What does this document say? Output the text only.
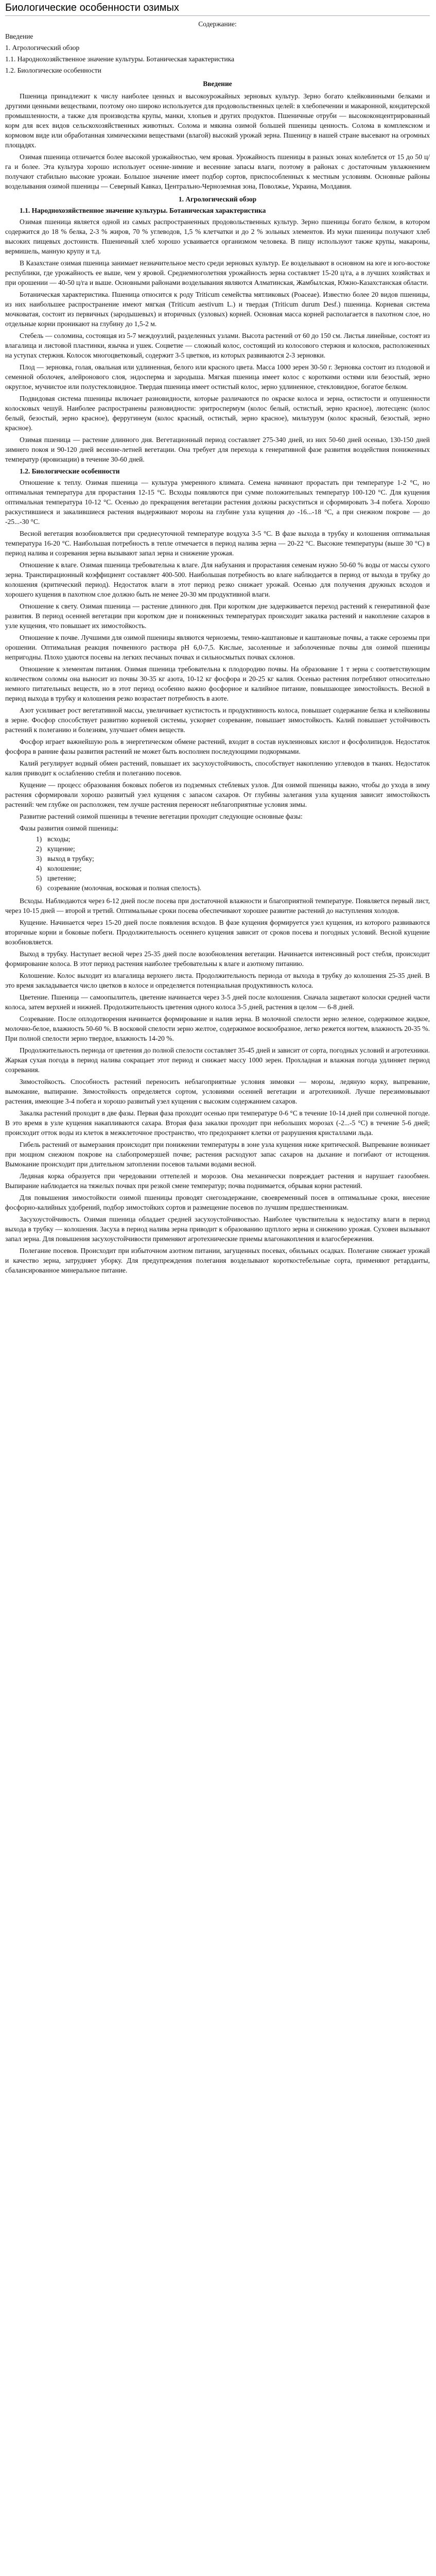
Биологические особенности озимых
Содержание:
Введение
1. Агрологический обзор
1.1. Народнохозяйственное значение культуры. Ботаническая характеристика
1.2. Биологические особенности
Введение

Пшеница принадлежит к числу наиболее ценных и высокоурожайных зерновых культур. Зерно богато клейковинными белками и другими ценными веществами, поэтому оно широко используется для продовольственных целей: в хлебопечении и макаронной, кондитерской промышленности, а также для производства крупы, манки, хлопьев и других продуктов. Пшеничные отруби — высококонцентрированный корм для всех видов сельскохозяйственных животных. Солома и мякина озимой большей пшеницы ценность. Солома в комплексном и кормовом виде или обработанная химическими веществами (влагой) высокий урожай зерна. Пшеницу в нашей стране высевают на огромных площадях.

Озимая пшеница отличается более высокой урожайностью, чем яровая. Урожайность пшеницы в разных зонах колеблется от 15 до 50 ц/га и более. Эта культура хорошо использует осенне-зимние и весенние запасы влаги, поэтому в районах с достаточным увлажнением получают стабильно высокие урожаи. Большое значение имеет подбор сортов, приспособленных к местным условиям. Основные районы возделывания озимой пшеницы — Северный Кавказ, Центрально-Черноземная зона, Поволжье, Украина, Молдавия.

1. Агрологический обзор
1.1. Народнохозяйственное значение культуры. Ботаническая характеристика

Озимая пшеница является одной из самых распространенных продовольственных культур. Зерно пшеницы богато белком, в котором содержится до 18 % белка, 2-3 % жиров, 70 % углеводов, 1,5 % клетчатки и до 2 % зольных элементов. Из муки пшеницы получают хлеб высоких пищевых достоинств. Пшеничный хлеб хорошо усваивается организмом человека. В пищу используют также крупы, макароны, вермишель, манную крупу и т.д.

В Казахстане озимая пшеница занимает незначительное место среди зерновых культур. Ее возделывают в основном на юге и юго-востоке республики, где урожайность ее выше, чем у яровой. Среднемноголетняя урожайность зерна составляет 15-20 ц/га, а в лучших хозяйствах и при орошении — 40-50 ц/га и выше. Основными районами возделывания являются Алматинская, Жамбылская, Южно-Казахстанская области.

Ботаническая характеристика. Пшеница относится к роду Triticum семейства мятликовых (Poaceae). Известно более 20 видов пшеницы, из них наибольшее распространение имеют мягкая (Triticum aestivum L.) и твердая (Triticum durum Desf.) пшеница. Корневая система мочковатая, состоит из первичных (зародышевых) и вторичных (узловых) корней. Основная масса корней располагается в пахотном слое, но отдельные корни проникают на глубину до 1,5-2 м.

Стебель — соломина, состоящая из 5-7 междоузлий, разделенных узлами. Высота растений от 60 до 150 см. Листья линейные, состоят из влагалища и листовой пластинки, язычка и ушек. Соцветие — сложный колос, состоящий из колосового стержня и колосков, расположенных на уступах стержня. Колосок многоцветковый, содержит 3-5 цветков, из которых развиваются 2-3 зерновки.

Плод — зерновка, голая, овальная или удлиненная, белого или красного цвета. Масса 1000 зерен 30-50 г. Зерновка состоит из плодовой и семенной оболочек, алейронового слоя, эндосперма и зародыша. Мягкая пшеница имеет колос с короткими остями или безостый, зерно округлое, мучнистое или полустекловидное. Твердая пшеница имеет остистый колос, зерно удлиненное, стекловидное, богатое белком.

Подвидовая система пшеницы включает разновидности, которые различаются по окраске колоса и зерна, остистости и опушенности колосковых чешуй. Наиболее распространены разновидности: эритроспермум (колос белый, остистый, зерно красное), лютесценс (колос белый, безостый, зерно красное), ферругинеум (колос красный, остистый, зерно красное), мильтурум (колос красный, безостый, зерно красное).

Озимая пшеница — растение длинного дня. Вегетационный период составляет 275-340 дней, из них 50-60 дней осенью, 130-150 дней зимнего покоя и 90-120 дней весенне-летней вегетации. Она требует для перехода к генеративной фазе развития воздействия пониженных температур (яровизации) в течение 30-60 дней.

1.2. Биологические особенности

Отношение к теплу. Озимая пшеница — культура умеренного климата. Семена начинают прорастать при температуре 1-2 °С, но оптимальная температура для прорастания 12-15 °С. Всходы появляются при сумме положительных температур 100-120 °С. Для кущения оптимальная температура 10-12 °С. Осенью до прекращения вегетации растения должны раскуститься и сформировать 3-4 побега. Хорошо раскустившиеся и закалившиеся растения выдерживают морозы на глубине узла кущения до -16...-18 °С, а при снежном покрове — до -25...-30 °С.

Весной вегетация возобновляется при среднесуточной температуре воздуха 3-5 °С. В фазе выхода в трубку и колошения оптимальная температура 16-20 °С. Наибольшая потребность в тепле отмечается в период налива зерна — 20-22 °С. Высокие температуры (выше 30 °С) в период налива и созревания зерна вызывают запал зерна и снижение урожая.

Отношение к влаге. Озимая пшеница требовательна к влаге. Для набухания и прорастания семенам нужно 50-60 % воды от массы сухого зерна. Транспирационный коэффициент составляет 400-500. Наибольшая потребность во влаге наблюдается в период от выхода в трубку до колошения (критический период). Недостаток влаги в этот период резко снижает урожай. Осенью для получения дружных всходов и хорошего кущения в пахотном слое должно быть не менее 20-30 мм продуктивной влаги.

Отношение к свету. Озимая пшеница — растение длинного дня. При коротком дне задерживается переход растений к генеративной фазе развития. В период осенней вегетации при коротком дне и пониженных температурах происходит закалка растений и накопление сахаров в узле кущения, что повышает их зимостойкость.

Отношение к почве. Лучшими для озимой пшеницы являются черноземы, темно-каштановые и каштановые почвы, а также сероземы при орошении. Оптимальная реакция почвенного раствора pH 6,0-7,5. Кислые, засоленные и заболоченные почвы для озимой пшеницы непригодны. Плохо удаются посевы на легких песчаных почвах и сильносмытых почвах склонов.

Отношение к элементам питания. Озимая пшеница требовательна к плодородию почвы. На образование 1 т зерна с соответствующим количеством соломы она выносит из почвы 30-35 кг азота, 10-12 кг фосфора и 20-25 кг калия. Осенью растения потребляют относительно немного питательных веществ, но в этот период особенно важно фосфорное и калийное питание, повышающее зимостойкость. Весной в период выхода в трубку и колошения резко возрастает потребность в азоте.

Азот усиливает рост вегетативной массы, увеличивает кустистость и продуктивность колоса, повышает содержание белка и клейковины в зерне. Фосфор способствует развитию корневой системы, ускоряет созревание, повышает зимостойкость. Калий повышает устойчивость растений к полеганию и болезням, улучшает обмен веществ.

Фосфор играет важнейшую роль в энергетическом обмене растений, входит в состав нуклеиновых кислот и фосфолипидов. Недостаток фосфора в ранние фазы развития растений не может быть восполнен последующими подкормками.

Калий регулирует водный обмен растений, повышает их засухоустойчивость, способствует накоплению углеводов в тканях. Недостаток калия приводит к ослаблению стебля и полеганию посевов.

Кущение — процесс образования боковых побегов из подземных стеблевых узлов. Для озимой пшеницы важно, чтобы до ухода в зиму растения сформировали хорошо развитый узел кущения с запасом сахаров. От глубины залегания узла кущения зависит зимостойкость растений: чем глубже он расположен, тем лучше растения переносят неблагоприятные условия зимы.

Развитие растений озимой пшеницы в течение вегетации проходит следующие основные фазы:

Фазы развития озимой пшеницы:
1) всходы;
2) кущение;
3) выход в трубку;
4) колошение;
5) цветение;
6) созревание (молочная, восковая и полная спелость).

Всходы. Наблюдаются через 6-12 дней после посева при достаточной влажности и благоприятной температуре. Появляется первый лист, через 10-15 дней — второй и третий. Оптимальные сроки посева обеспечивают хорошее развитие растений до наступления холодов.

Кущение. Начинается через 15-20 дней после появления всходов. В фазе кущения формируется узел кущения, из которого развиваются вторичные корни и боковые побеги. Продолжительность осеннего кущения зависит от сроков посева и погодных условий. Весной кущение возобновляется.

Выход в трубку. Наступает весной через 25-35 дней после возобновления вегетации. Начинается интенсивный рост стебля, происходит формирование колоса. В этот период растения наиболее требовательны к влаге и азотному питанию.

Колошение. Колос выходит из влагалища верхнего листа. Продолжительность периода от выхода в трубку до колошения 25-35 дней. В это время закладывается число цветков в колосе и определяется потенциальная продуктивность колоса.

Цветение. Пшеница — самоопылитель, цветение начинается через 3-5 дней после колошения. Сначала зацветают колоски средней части колоса, затем верхней и нижней. Продолжительность цветения одного колоса 3-5 дней, растения в целом — 6-8 дней.

Созревание. После оплодотворения начинается формирование и налив зерна. В молочной спелости зерно зеленое, содержимое жидкое, молочно-белое, влажность 50-60 %. В восковой спелости зерно желтое, содержимое воскообразное, легко режется ногтем, влажность 20-35 %. При полной спелости зерно твердое, влажность 14-20 %.

Продолжительность периода от цветения до полной спелости составляет 35-45 дней и зависит от сорта, погодных условий и агротехники. Жаркая сухая погода в период налива сокращает этот период и снижает массу 1000 зерен. Прохладная и влажная погода удлиняет период созревания.

Зимостойкость. Способность растений переносить неблагоприятные условия зимовки — морозы, ледяную корку, выпревание, вымокание, выпирание. Зимостойкость определяется сортом, условиями осенней вегетации и агротехникой. Лучше перезимовывают растения, имеющие 3-4 побега и хорошо развитый узел кущения с высоким содержанием сахаров.

Закалка растений проходит в две фазы. Первая фаза проходит осенью при температуре 0-6 °С в течение 10-14 дней при солнечной погоде. В это время в узле кущения накапливаются сахара. Вторая фаза закалки проходит при небольших морозах (-2...-5 °С) в течение 5-6 дней; происходит отток воды из клеток в межклеточное пространство, что предохраняет клетки от разрушения кристаллами льда.

Гибель растений от вымерзания происходит при понижении температуры в зоне узла кущения ниже критической. Выпревание возникает при мощном снежном покрове на слабопромерзшей почве; растения расходуют запас сахаров на дыхание и погибают от истощения. Вымокание происходит при длительном затоплении посевов талыми водами весной.

Ледяная корка образуется при чередовании оттепелей и морозов. Она механически повреждает растения и нарушает газообмен. Выпирание наблюдается на тяжелых почвах при резкой смене температур; почва поднимается, обрывая корни растений.

Для повышения зимостойкости озимой пшеницы проводят снегозадержание, своевременный посев в оптимальные сроки, внесение фосфорно-калийных удобрений, подбор зимостойких сортов и размещение посевов по лучшим предшественникам.

Засухоустойчивость. Озимая пшеница обладает средней засухоустойчивостью. Наиболее чувствительна к недостатку влаги в период выхода в трубку — колошения. Засуха в период налива зерна приводит к образованию щуплого зерна и снижению урожая. Суховеи вызывают запал зерна. Для повышения засухоустойчивости применяют агротехнические приемы влагонакопления и влагосбережения.

Полегание посевов. Происходит при избыточном азотном питании, загущенных посевах, обильных осадках. Полегание снижает урожай и качество зерна, затрудняет уборку. Для предупреждения полегания возделывают короткостебельные сорта, применяют ретарданты, сбалансированное минеральное питание.
